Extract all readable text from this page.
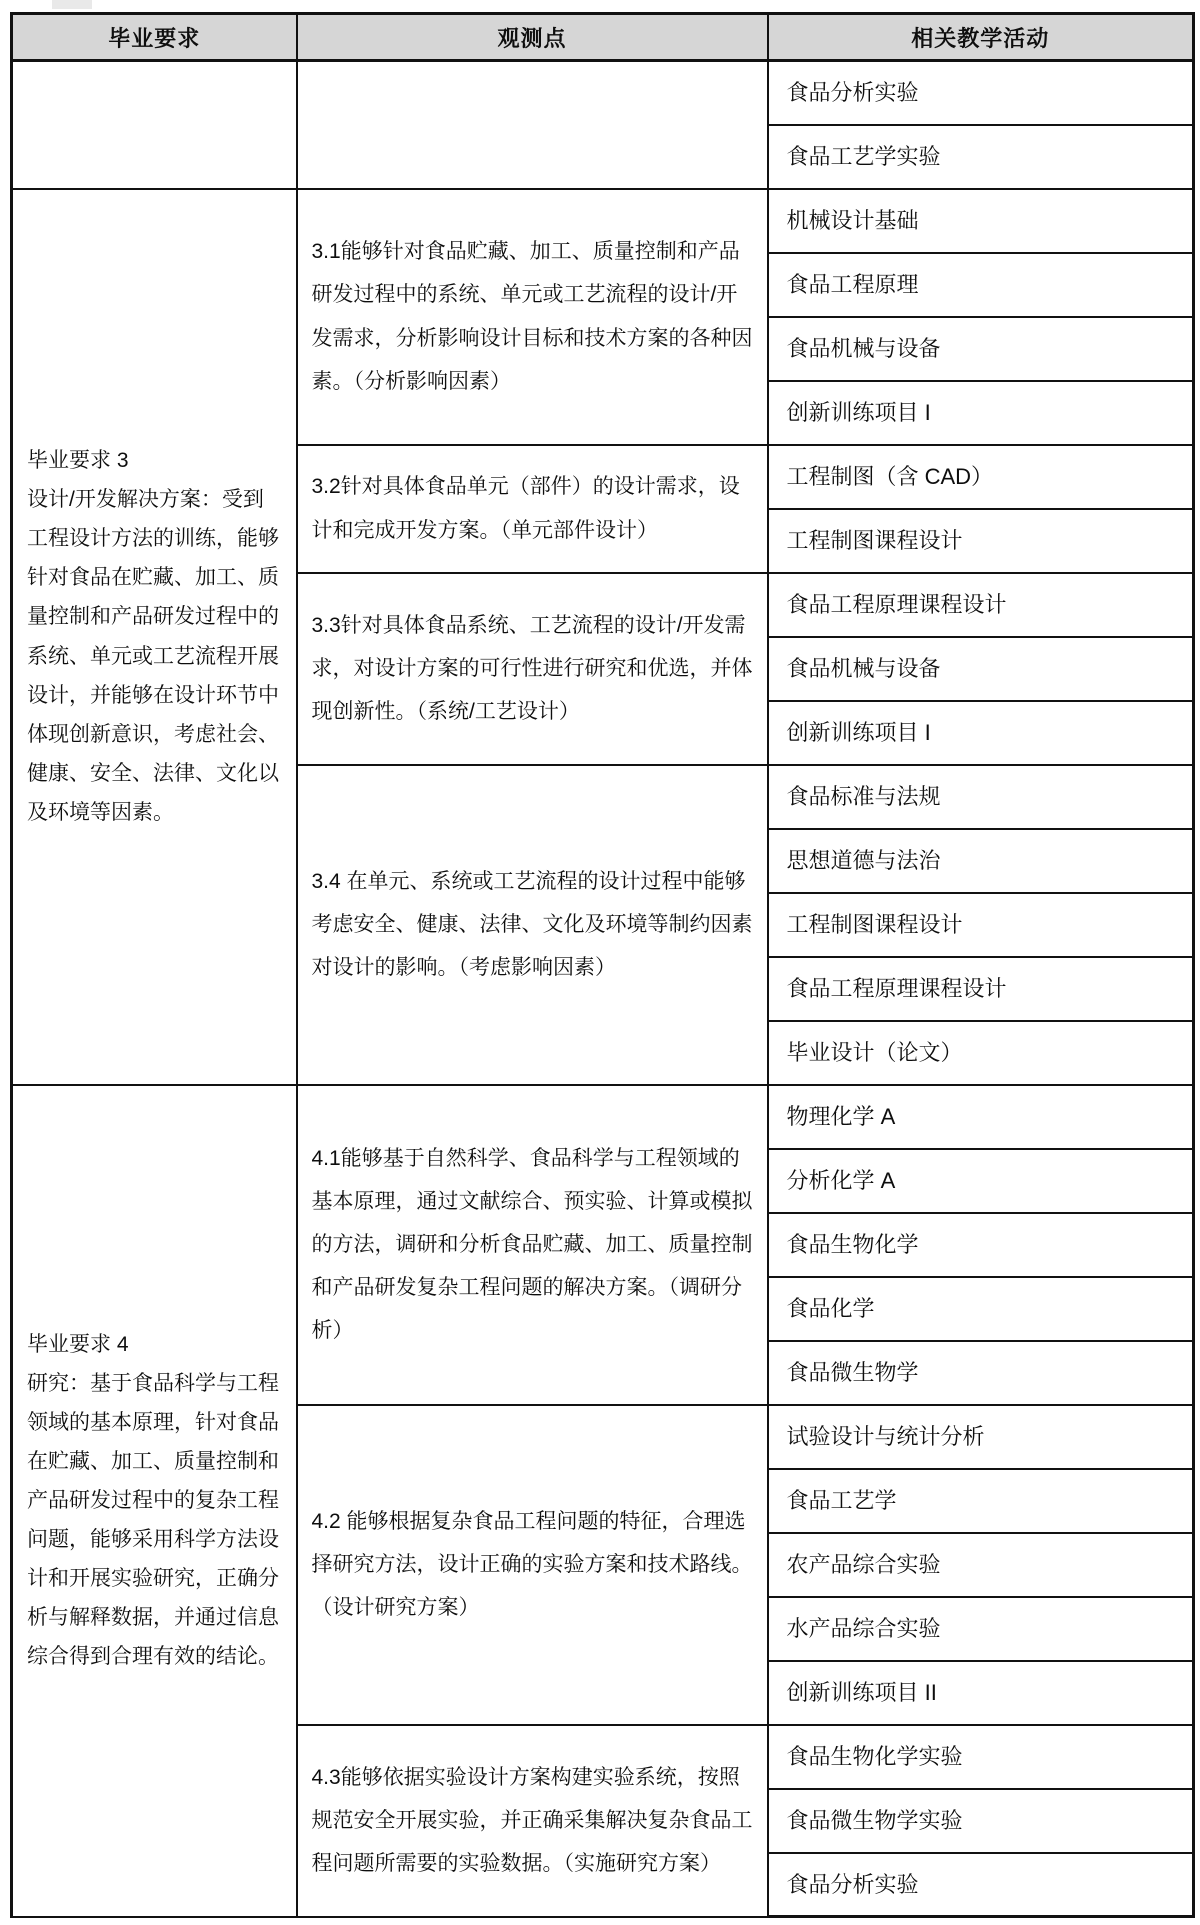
毕业要求	观测点	相关教学活动

食品分析实验

食品工艺学实验

毕业要求 3
设计/开发解决方案：受到工程设计方法的训练，能够针对食品在贮藏、加工、质量控制和产品研发过程中的系统、单元或工艺流程开展设计，并能够在设计环节中体现创新意识，考虑社会、健康、安全、法律、文化以及环境等因素。	3.1能够针对食品贮藏、加工、质量控制和产品研发过程中的系统、单元或工艺流程的设计/开发需求，分析影响设计目标和技术方案的各种因素。（分析影响因素）	机械设计基础

食品工程原理

食品机械与设备

创新训练项目 I

3.2针对具体食品单元（部件）的设计需求，设计和完成开发方案。（单元部件设计）	工程制图（含 CAD）

工程制图课程设计

3.3针对具体食品系统、工艺流程的设计/开发需求，对设计方案的可行性进行研究和优选，并体现创新性。（系统/工艺设计）	食品工程原理课程设计

食品机械与设备

创新训练项目 I

3.4 在单元、系统或工艺流程的设计过程中能够考虑安全、健康、法律、文化及环境等制约因素对设计的影响。（考虑影响因素）	食品标准与法规

思想道德与法治

工程制图课程设计

食品工程原理课程设计

毕业设计（论文）

毕业要求 4
研究：基于食品科学与工程领域的基本原理，针对食品在贮藏、加工、质量控制和产品研发过程中的复杂工程问题，能够采用科学方法设计和开展实验研究，正确分析与解释数据，并通过信息综合得到合理有效的结论。	4.1能够基于自然科学、食品科学与工程领域的基本原理，通过文献综合、预实验、计算或模拟的方法，调研和分析食品贮藏、加工、质量控制和产品研发复杂工程问题的解决方案。（调研分析）	物理化学 A

分析化学 A

食品生物化学

食品化学

食品微生物学

4.2 能够根据复杂食品工程问题的特征，合理选择研究方法，设计正确的实验方案和技术路线。（设计研究方案）	试验设计与统计分析

食品工艺学

农产品综合实验

水产品综合实验

创新训练项目 II

4.3能够依据实验设计方案构建实验系统，按照规范安全开展实验，并正确采集解决复杂食品工程问题所需要的实验数据。（实施研究方案）	食品生物化学实验

食品微生物学实验

食品分析实验
